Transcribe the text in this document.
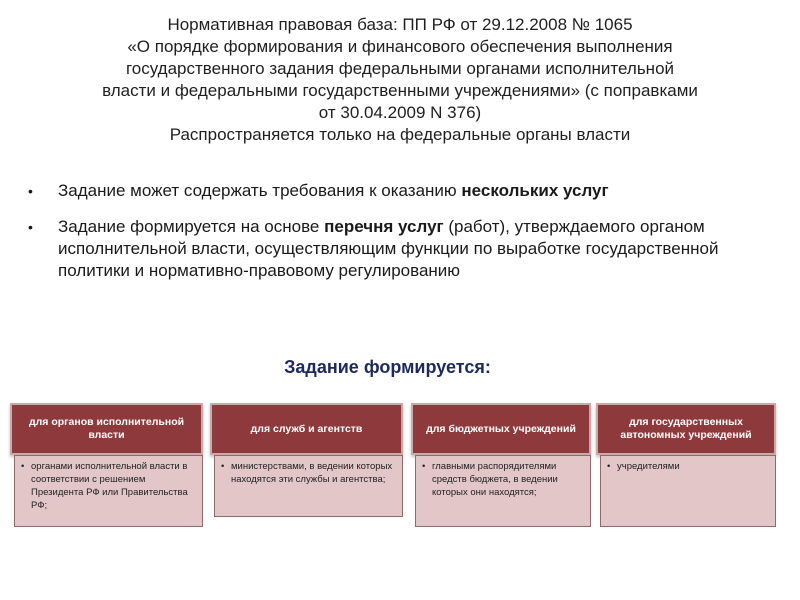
Нормативная правовая база: ПП РФ от 29.12.2008 № 1065
«О порядке формирования и финансового обеспечения выполнения
государственного задания федеральными органами исполнительной
власти и федеральными государственными учреждениями» (с поправками
от 30.04.2009 N 376)
Распространяется только на федеральные органы власти
•	Задание может содержать требования к оказанию нескольких услуг
•	Задание формируется на основе перечня услуг (работ), утверждаемого органом исполнительной власти, осуществляющим функции по выработке государственной политики и нормативно-правовому регулированию
Задание формируется:
для органов исполнительной власти
• органами исполнительной власти в соответствии с решением Президента РФ или Правительства РФ;
для служб и агентств
• министерствами, в ведении которых находятся эти службы и агентства;
для бюджетных учреждений
• главными распорядителями средств бюджета, в ведении которых они находятся;
для государственных автономных учреждений
• учредителями
